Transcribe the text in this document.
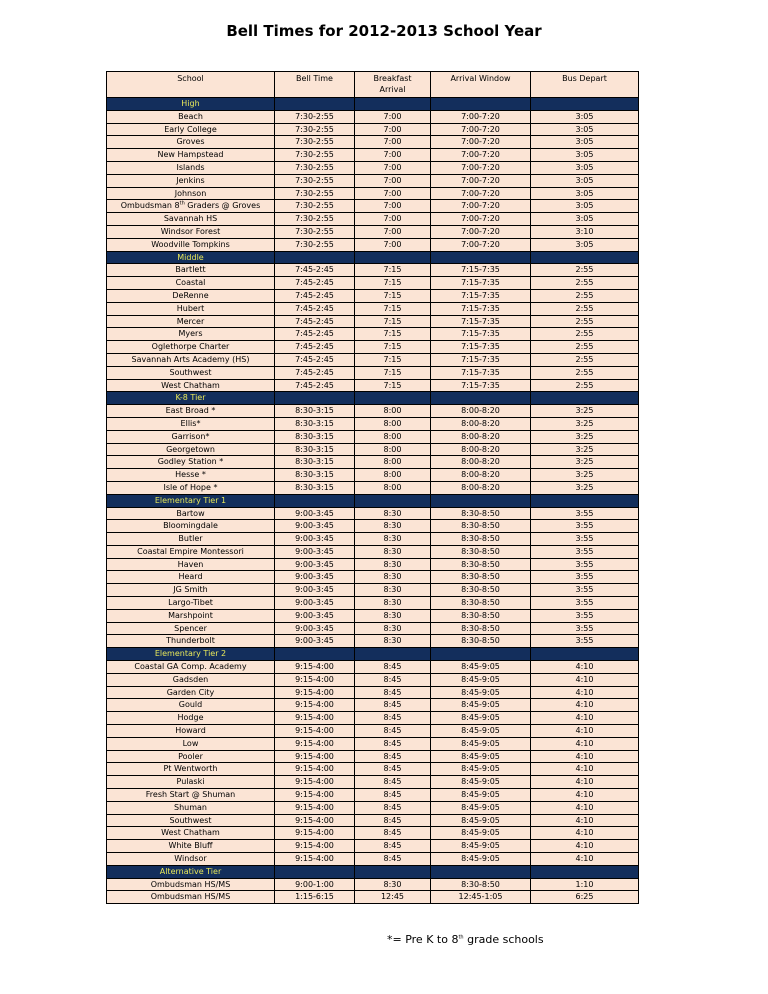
Bell Times for 2012-2013 School Year
School	Bell Time	Breakfast Arrival	Arrival Window	Bus Depart
High				
Beach	7:30-2:55	7:00	7:00-7:20	3:05
Early College	7:30-2:55	7:00	7:00-7:20	3:05
Groves	7:30-2:55	7:00	7:00-7:20	3:05
New Hampstead	7:30-2:55	7:00	7:00-7:20	3:05
Islands	7:30-2:55	7:00	7:00-7:20	3:05
Jenkins	7:30-2:55	7:00	7:00-7:20	3:05
Johnson	7:30-2:55	7:00	7:00-7:20	3:05
Ombudsman 8th Graders @ Groves	7:30-2:55	7:00	7:00-7:20	3:05
Savannah HS	7:30-2:55	7:00	7:00-7:20	3:05
Windsor Forest	7:30-2:55	7:00	7:00-7:20	3:10
Woodville Tompkins	7:30-2:55	7:00	7:00-7:20	3:05
Middle				
Bartlett	7:45-2:45	7:15	7:15-7:35	2:55
Coastal	7:45-2:45	7:15	7:15-7:35	2:55
DeRenne	7:45-2:45	7:15	7:15-7:35	2:55
Hubert	7:45-2:45	7:15	7:15-7:35	2:55
Mercer	7:45-2:45	7:15	7:15-7:35	2:55
Myers	7:45-2:45	7:15	7:15-7:35	2:55
Oglethorpe Charter	7:45-2:45	7:15	7:15-7:35	2:55
Savannah Arts Academy (HS)	7:45-2:45	7:15	7:15-7:35	2:55
Southwest	7:45-2:45	7:15	7:15-7:35	2:55
West Chatham	7:45-2:45	7:15	7:15-7:35	2:55
K-8 Tier				
East Broad *	8:30-3:15	8:00	8:00-8:20	3:25
Ellis*	8:30-3:15	8:00	8:00-8:20	3:25
Garrison*	8:30-3:15	8:00	8:00-8:20	3:25
Georgetown	8:30-3:15	8:00	8:00-8:20	3:25
Godley Station *	8:30-3:15	8:00	8:00-8:20	3:25
Hesse *	8:30-3:15	8:00	8:00-8:20	3:25
Isle of Hope *	8:30-3:15	8:00	8:00-8:20	3:25
Elementary Tier 1				
Bartow	9:00-3:45	8:30	8:30-8:50	3:55
Bloomingdale	9:00-3:45	8:30	8:30-8:50	3:55
Butler	9:00-3:45	8:30	8:30-8:50	3:55
Coastal Empire Montessori	9:00-3:45	8:30	8:30-8:50	3:55
Haven	9:00-3:45	8:30	8:30-8:50	3:55
Heard	9:00-3:45	8:30	8:30-8:50	3:55
JG Smith	9:00-3:45	8:30	8:30-8:50	3:55
Largo-Tibet	9:00-3:45	8:30	8:30-8:50	3:55
Marshpoint	9:00-3:45	8:30	8:30-8:50	3:55
Spencer	9:00-3:45	8:30	8:30-8:50	3:55
Thunderbolt	9:00-3:45	8:30	8:30-8:50	3:55
Elementary Tier 2				
Coastal GA Comp. Academy	9:15-4:00	8:45	8:45-9:05	4:10
Gadsden	9:15-4:00	8:45	8:45-9:05	4:10
Garden City	9:15-4:00	8:45	8:45-9:05	4:10
Gould	9:15-4:00	8:45	8:45-9:05	4:10
Hodge	9:15-4:00	8:45	8:45-9:05	4:10
Howard	9:15-4:00	8:45	8:45-9:05	4:10
Low	9:15-4:00	8:45	8:45-9:05	4:10
Pooler	9:15-4:00	8:45	8:45-9:05	4:10
Pt Wentworth	9:15-4:00	8:45	8:45-9:05	4:10
Pulaski	9:15-4:00	8:45	8:45-9:05	4:10
Fresh Start @ Shuman	9:15-4:00	8:45	8:45-9:05	4:10
Shuman	9:15-4:00	8:45	8:45-9:05	4:10
Southwest	9:15-4:00	8:45	8:45-9:05	4:10
West Chatham	9:15-4:00	8:45	8:45-9:05	4:10
White Bluff	9:15-4:00	8:45	8:45-9:05	4:10
Windsor	9:15-4:00	8:45	8:45-9:05	4:10
Alternative Tier				
Ombudsman HS/MS	9:00-1:00	8:30	8:30-8:50	1:10
Ombudsman HS/MS	1:15-6:15	12:45	12:45-1:05	6:25
*= Pre K to 8th grade schools
